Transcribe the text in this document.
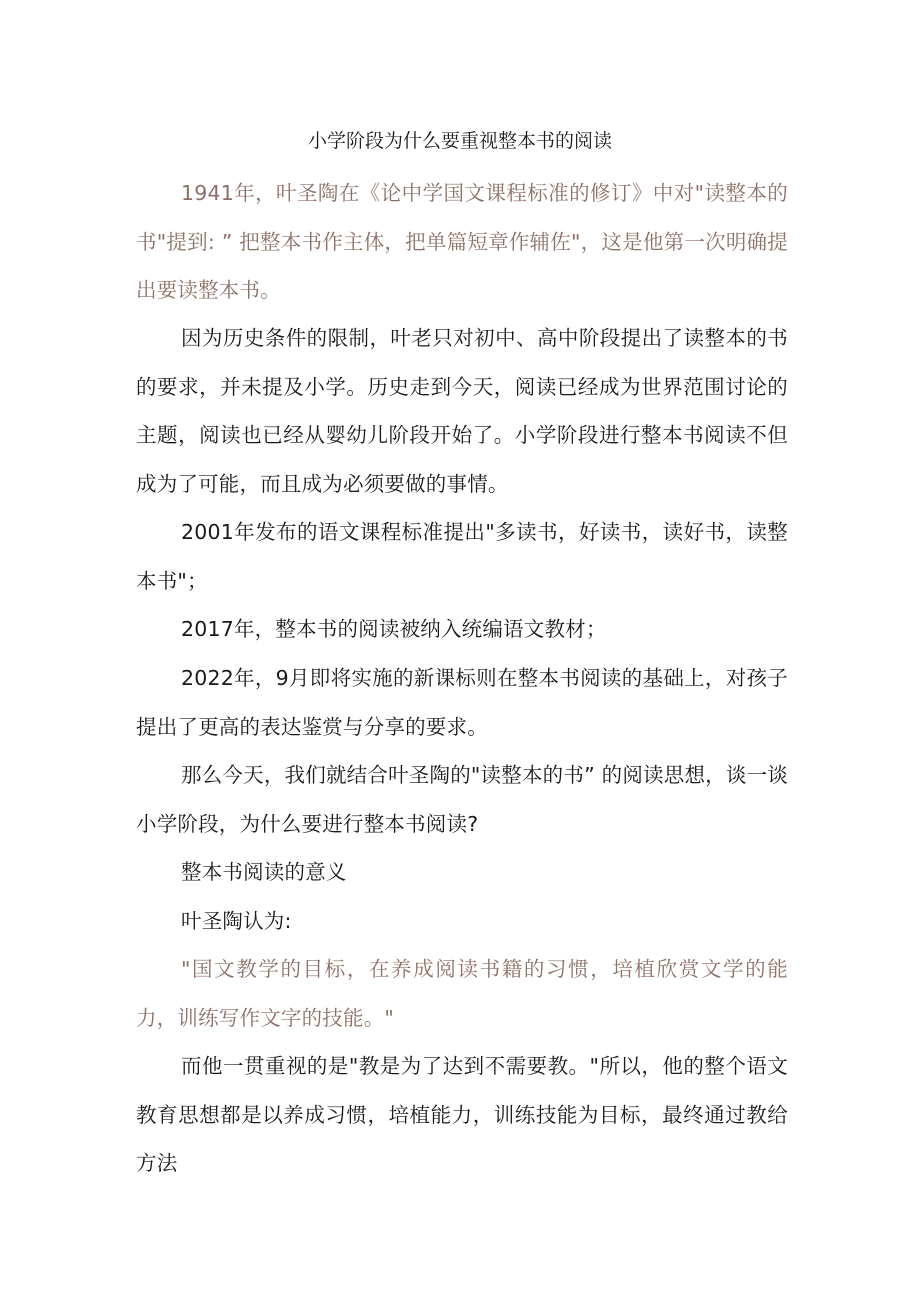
小学阶段为什么要重视整本书的阅读

1941年，叶圣陶在《论中学国文课程标准的修订》中对"读整本的书"提到: ” 把整本书作主体，把单篇短章作辅佐"，这是他第一次明确提出要读整本书。

因为历史条件的限制，叶老只对初中、高中阶段提出了读整本的书的要求，并未提及小学。历史走到今天，阅读已经成为世界范围讨论的主题，阅读也已经从婴幼儿阶段开始了。小学阶段进行整本书阅读不但成为了可能，而且成为必须要做的事情。

2001年发布的语文课程标准提出"多读书，好读书，读好书，读整本书"；

2017年，整本书的阅读被纳入统编语文教材；

2022年，9月即将实施的新课标则在整本书阅读的基础上，对孩子提出了更高的表达鉴赏与分享的要求。

那么今天，我们就结合叶圣陶的"读整本的书” 的阅读思想，谈一谈小学阶段，为什么要进行整本书阅读?

整本书阅读的意义

叶圣陶认为:

"国文教学的目标，在养成阅读书籍的习惯，培植欣赏文学的能力，训练写作文字的技能。"

而他一贯重视的是"教是为了达到不需要教。"所以，他的整个语文教育思想都是以养成习惯，培植能力，训练技能为目标，最终通过教给方法
